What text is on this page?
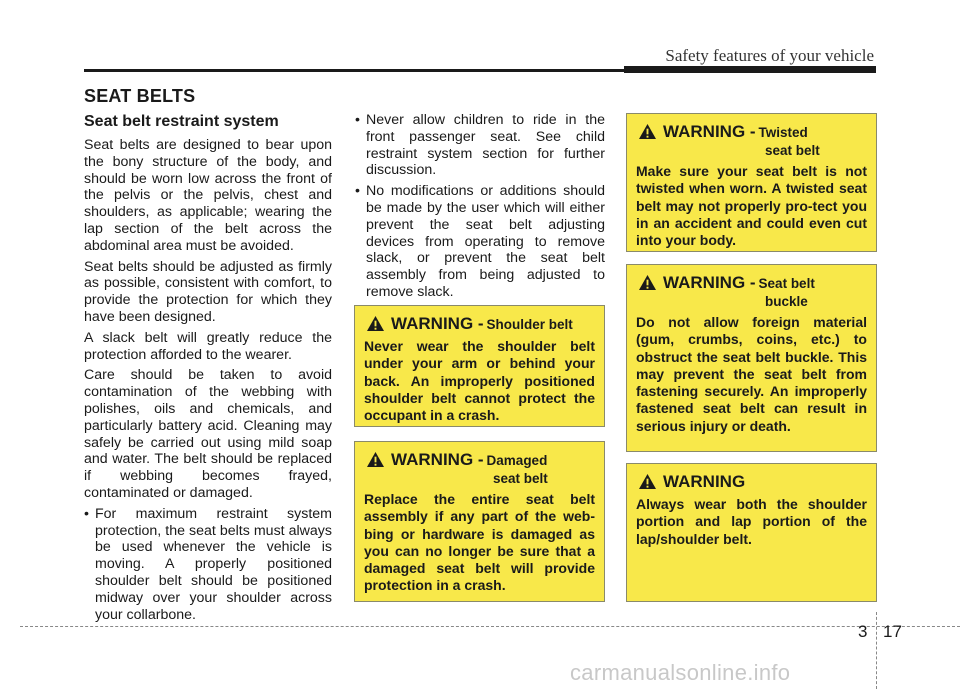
Safety features of your vehicle
SEAT BELTS
Seat belt restraint system

Seat belts are designed to bear upon the bony structure of the body, and should be worn low across the front of the pelvis or the pelvis, chest and shoulders, as applicable; wearing the lap section of the belt across the abdominal area must be avoided.

Seat belts should be adjusted as firmly as possible, consistent with comfort, to provide the protection for which they have been designed.

A slack belt will greatly reduce the protection afforded to the wearer.

Care should be taken to avoid contamination of the webbing with polishes, oils and chemicals, and particularly battery acid. Cleaning may safely be carried out using mild soap and water. The belt should be replaced if webbing becomes frayed, contaminated or damaged.

• For maximum restraint system protection, the seat belts must always be used whenever the vehicle is moving. A properly positioned shoulder belt should be positioned midway over your shoulder across your collarbone.
• Never allow children to ride in the front passenger seat. See child restraint system section for further discussion.
• No modifications or additions should be made by the user which will either prevent the seat belt adjusting devices from operating to remove slack, or prevent the seat belt assembly from being adjusted to remove slack.
WARNING - Shoulder belt
Never wear the shoulder belt under your arm or behind your back. An improperly positioned shoulder belt cannot protect the occupant in a crash.
WARNING - Damaged
seat belt
Replace the entire seat belt assembly if any part of the web-bing or hardware is damaged as you can no longer be sure that a damaged seat belt will provide protection in a crash.
WARNING - Twisted
seat belt
Make sure your seat belt is not twisted when worn. A twisted seat belt may not properly pro-tect you in an accident and could even cut into your body.
WARNING - Seat belt
buckle
Do not allow foreign material (gum, crumbs, coins, etc.) to obstruct the seat belt buckle. This may prevent the seat belt from fastening securely. An improperly fastened seat belt can result in serious injury or death.
WARNING
Always wear both the shoulder portion and lap portion of the lap/shoulder belt.
3 17
carmanualsonline.info
